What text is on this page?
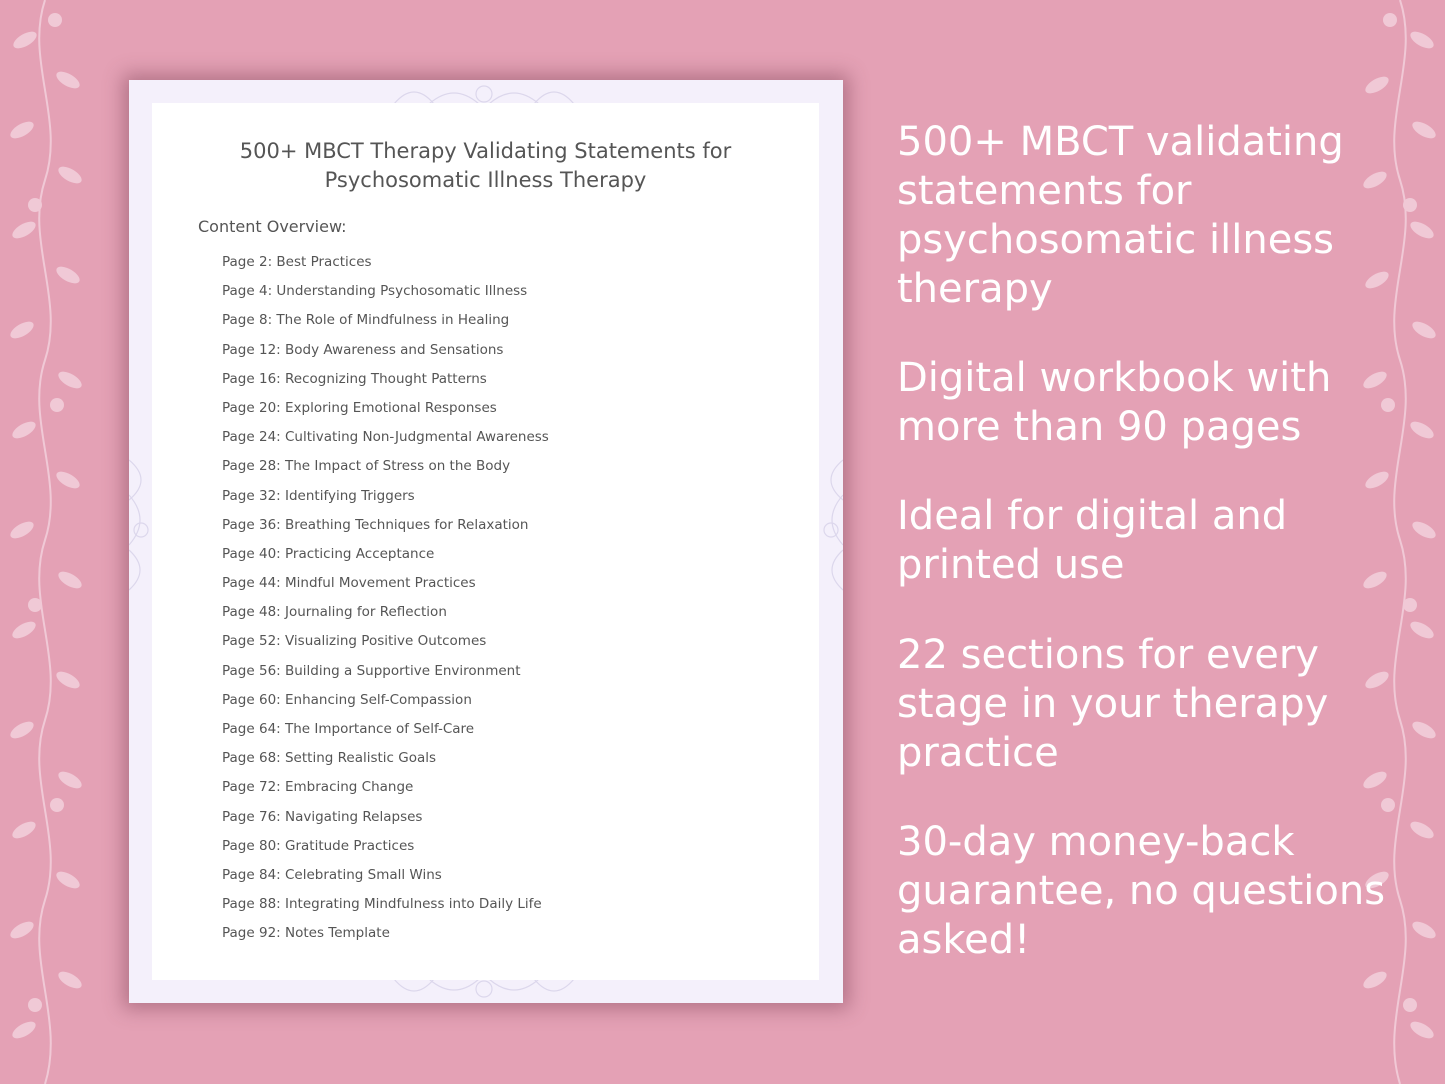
500+ MBCT Therapy Validating Statements for
Psychosomatic Illness Therapy
Content Overview:
Page 2: Best Practices
Page 4: Understanding Psychosomatic Illness
Page 8: The Role of Mindfulness in Healing
Page 12: Body Awareness and Sensations
Page 16: Recognizing Thought Patterns
Page 20: Exploring Emotional Responses
Page 24: Cultivating Non-Judgmental Awareness
Page 28: The Impact of Stress on the Body
Page 32: Identifying Triggers
Page 36: Breathing Techniques for Relaxation
Page 40: Practicing Acceptance
Page 44: Mindful Movement Practices
Page 48: Journaling for Reflection
Page 52: Visualizing Positive Outcomes
Page 56: Building a Supportive Environment
Page 60: Enhancing Self-Compassion
Page 64: The Importance of Self-Care
Page 68: Setting Realistic Goals
Page 72: Embracing Change
Page 76: Navigating Relapses
Page 80: Gratitude Practices
Page 84: Celebrating Small Wins
Page 88: Integrating Mindfulness into Daily Life
Page 92: Notes Template
500+ MBCT validating statements for psychosomatic illness therapy
Digital workbook with more than 90 pages
Ideal for digital and printed use
22 sections for every stage in your therapy practice
30-day money-back guarantee, no questions asked!
